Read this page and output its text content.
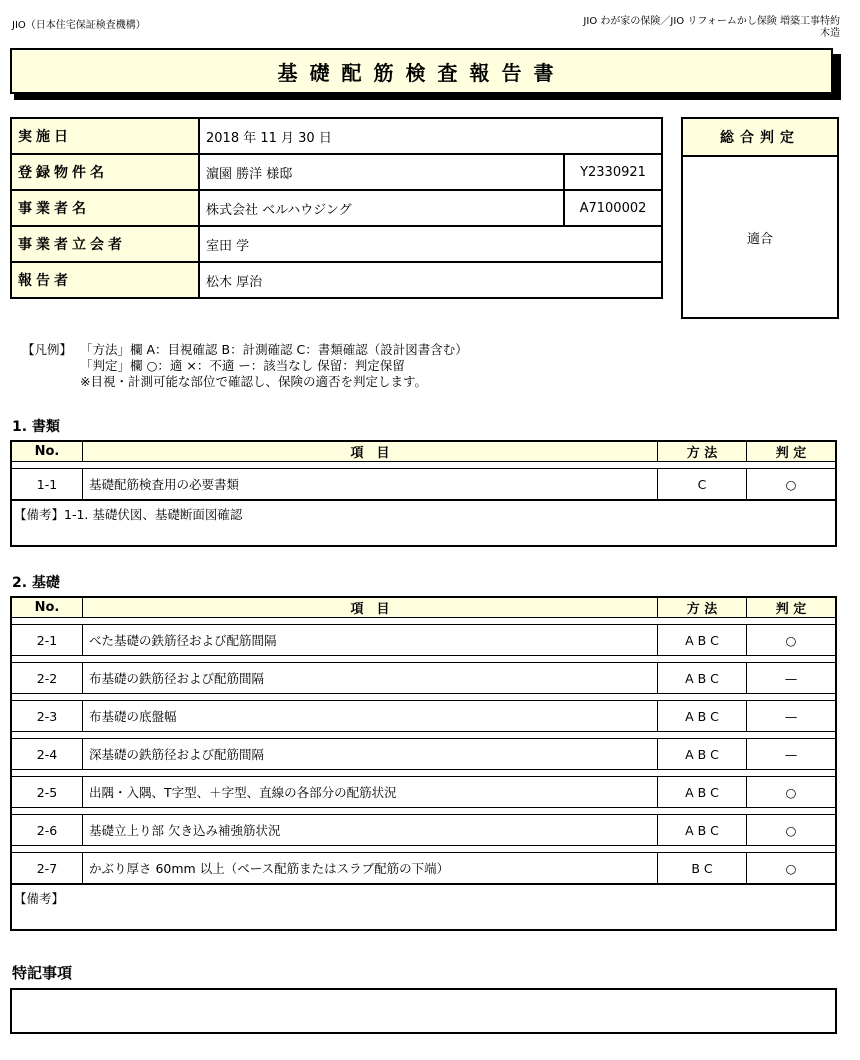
JIO（日本住宅保証検査機構）	JIO わが家の保険／JIO リフォームかし保険 増築工事特約
木造
基礎配筋検査報告書
実施日	2018 年 11 月 30 日	
登録物件名	濵園 勝洋 様邸	Y2330921
事業者名	株式会社 ベルハウジング	A7100002
事業者立会者	室田 学	
報告者	松木 厚治	
総合判定
適合
【凡例】 「方法」欄 A：目視確認 B：計測確認 C：書類確認（設計図書含む）
「判定」欄 ○：適 ×：不適 ー：該当なし 保留：判定保留
※目視・計測可能な部位で確認し、保険の適否を判定します。
1. 書類
No.	項　目	方 法	判 定

1-1	基礎配筋検査用の必要書類	C	○
【備考】1-1. 基礎伏図、基礎断面図確認
2. 基礎
No.	項　目	方 法	判 定

2-1	べた基礎の鉄筋径および配筋間隔	A B C	○

2-2	布基礎の鉄筋径および配筋間隔	A B C	—

2-3	布基礎の底盤幅	A B C	—

2-4	深基礎の鉄筋径および配筋間隔	A B C	—

2-5	出隅・入隅、T字型、＋字型、直線の各部分の配筋状況	A B C	○

2-6	基礎立上り部 欠き込み補強筋状況	A B C	○

2-7	かぶり厚さ 60mm 以上（ベース配筋またはスラブ配筋の下端）	B C	○
【備考】
特記事項
